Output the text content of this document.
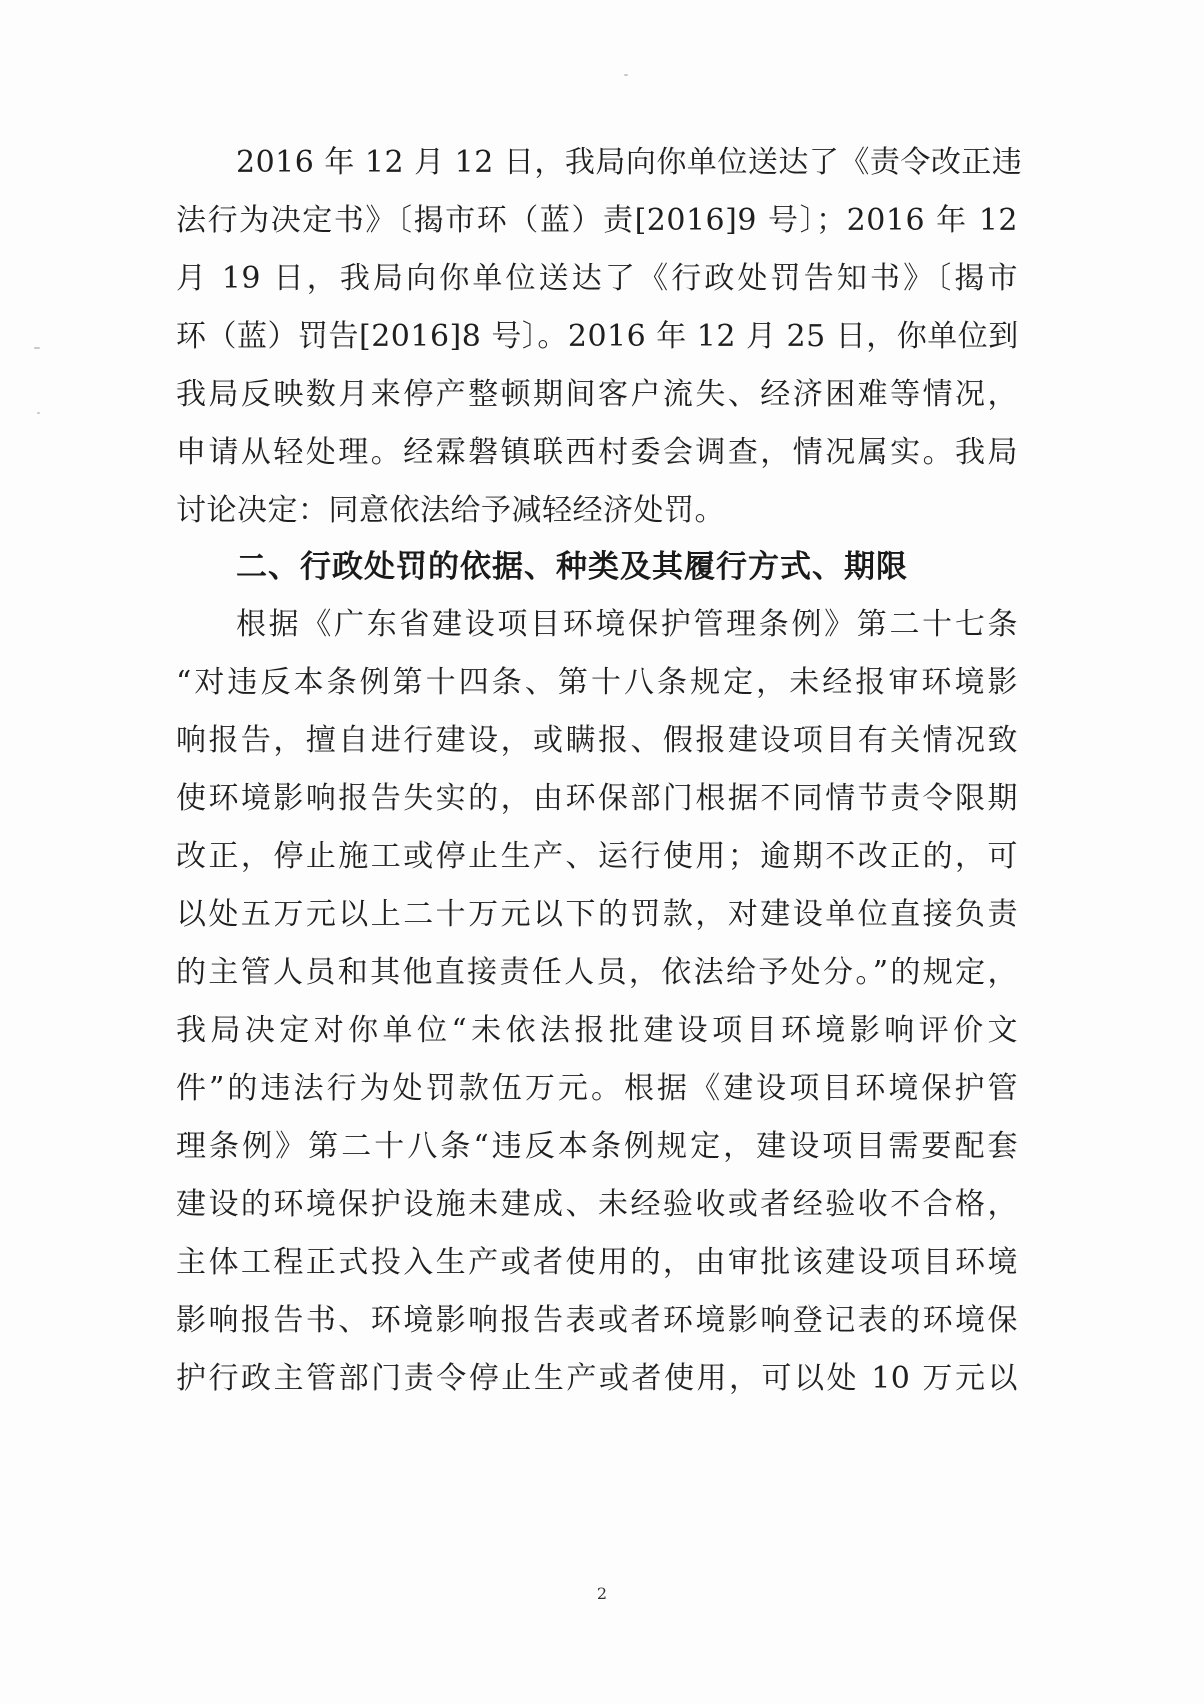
2016 年 12 月 12 日，我局向你单位送达了《责令改正违
法行为决定书》〔揭市环（蓝）责[2016]9 号〕；2016 年 12
月 19 日，我局向你单位送达了《行政处罚告知书》〔揭市
环（蓝）罚告[2016]8 号〕。2016 年 12 月 25 日，你单位到
我局反映数月来停产整顿期间客户流失、经济困难等情况，
申请从轻处理。经霖磐镇联西村委会调查，情况属实。我局
讨论决定：同意依法给予减轻经济处罚。
二、行政处罚的依据、种类及其履行方式、期限
根据《广东省建设项目环境保护管理条例》第二十七条
“对违反本条例第十四条、第十八条规定，未经报审环境影
响报告，擅自进行建设，或瞒报、假报建设项目有关情况致
使环境影响报告失实的，由环保部门根据不同情节责令限期
改正，停止施工或停止生产、运行使用；逾期不改正的，可
以处五万元以上二十万元以下的罚款，对建设单位直接负责
的主管人员和其他直接责任人员，依法给予处分。”的规定，
我局决定对你单位“未依法报批建设项目环境影响评价文
件”的违法行为处罚款伍万元。根据《建设项目环境保护管
理条例》第二十八条“违反本条例规定，建设项目需要配套
建设的环境保护设施未建成、未经验收或者经验收不合格，
主体工程正式投入生产或者使用的，由审批该建设项目环境
影响报告书、环境影响报告表或者环境影响登记表的环境保
护行政主管部门责令停止生产或者使用，可以处 10 万元以
2
